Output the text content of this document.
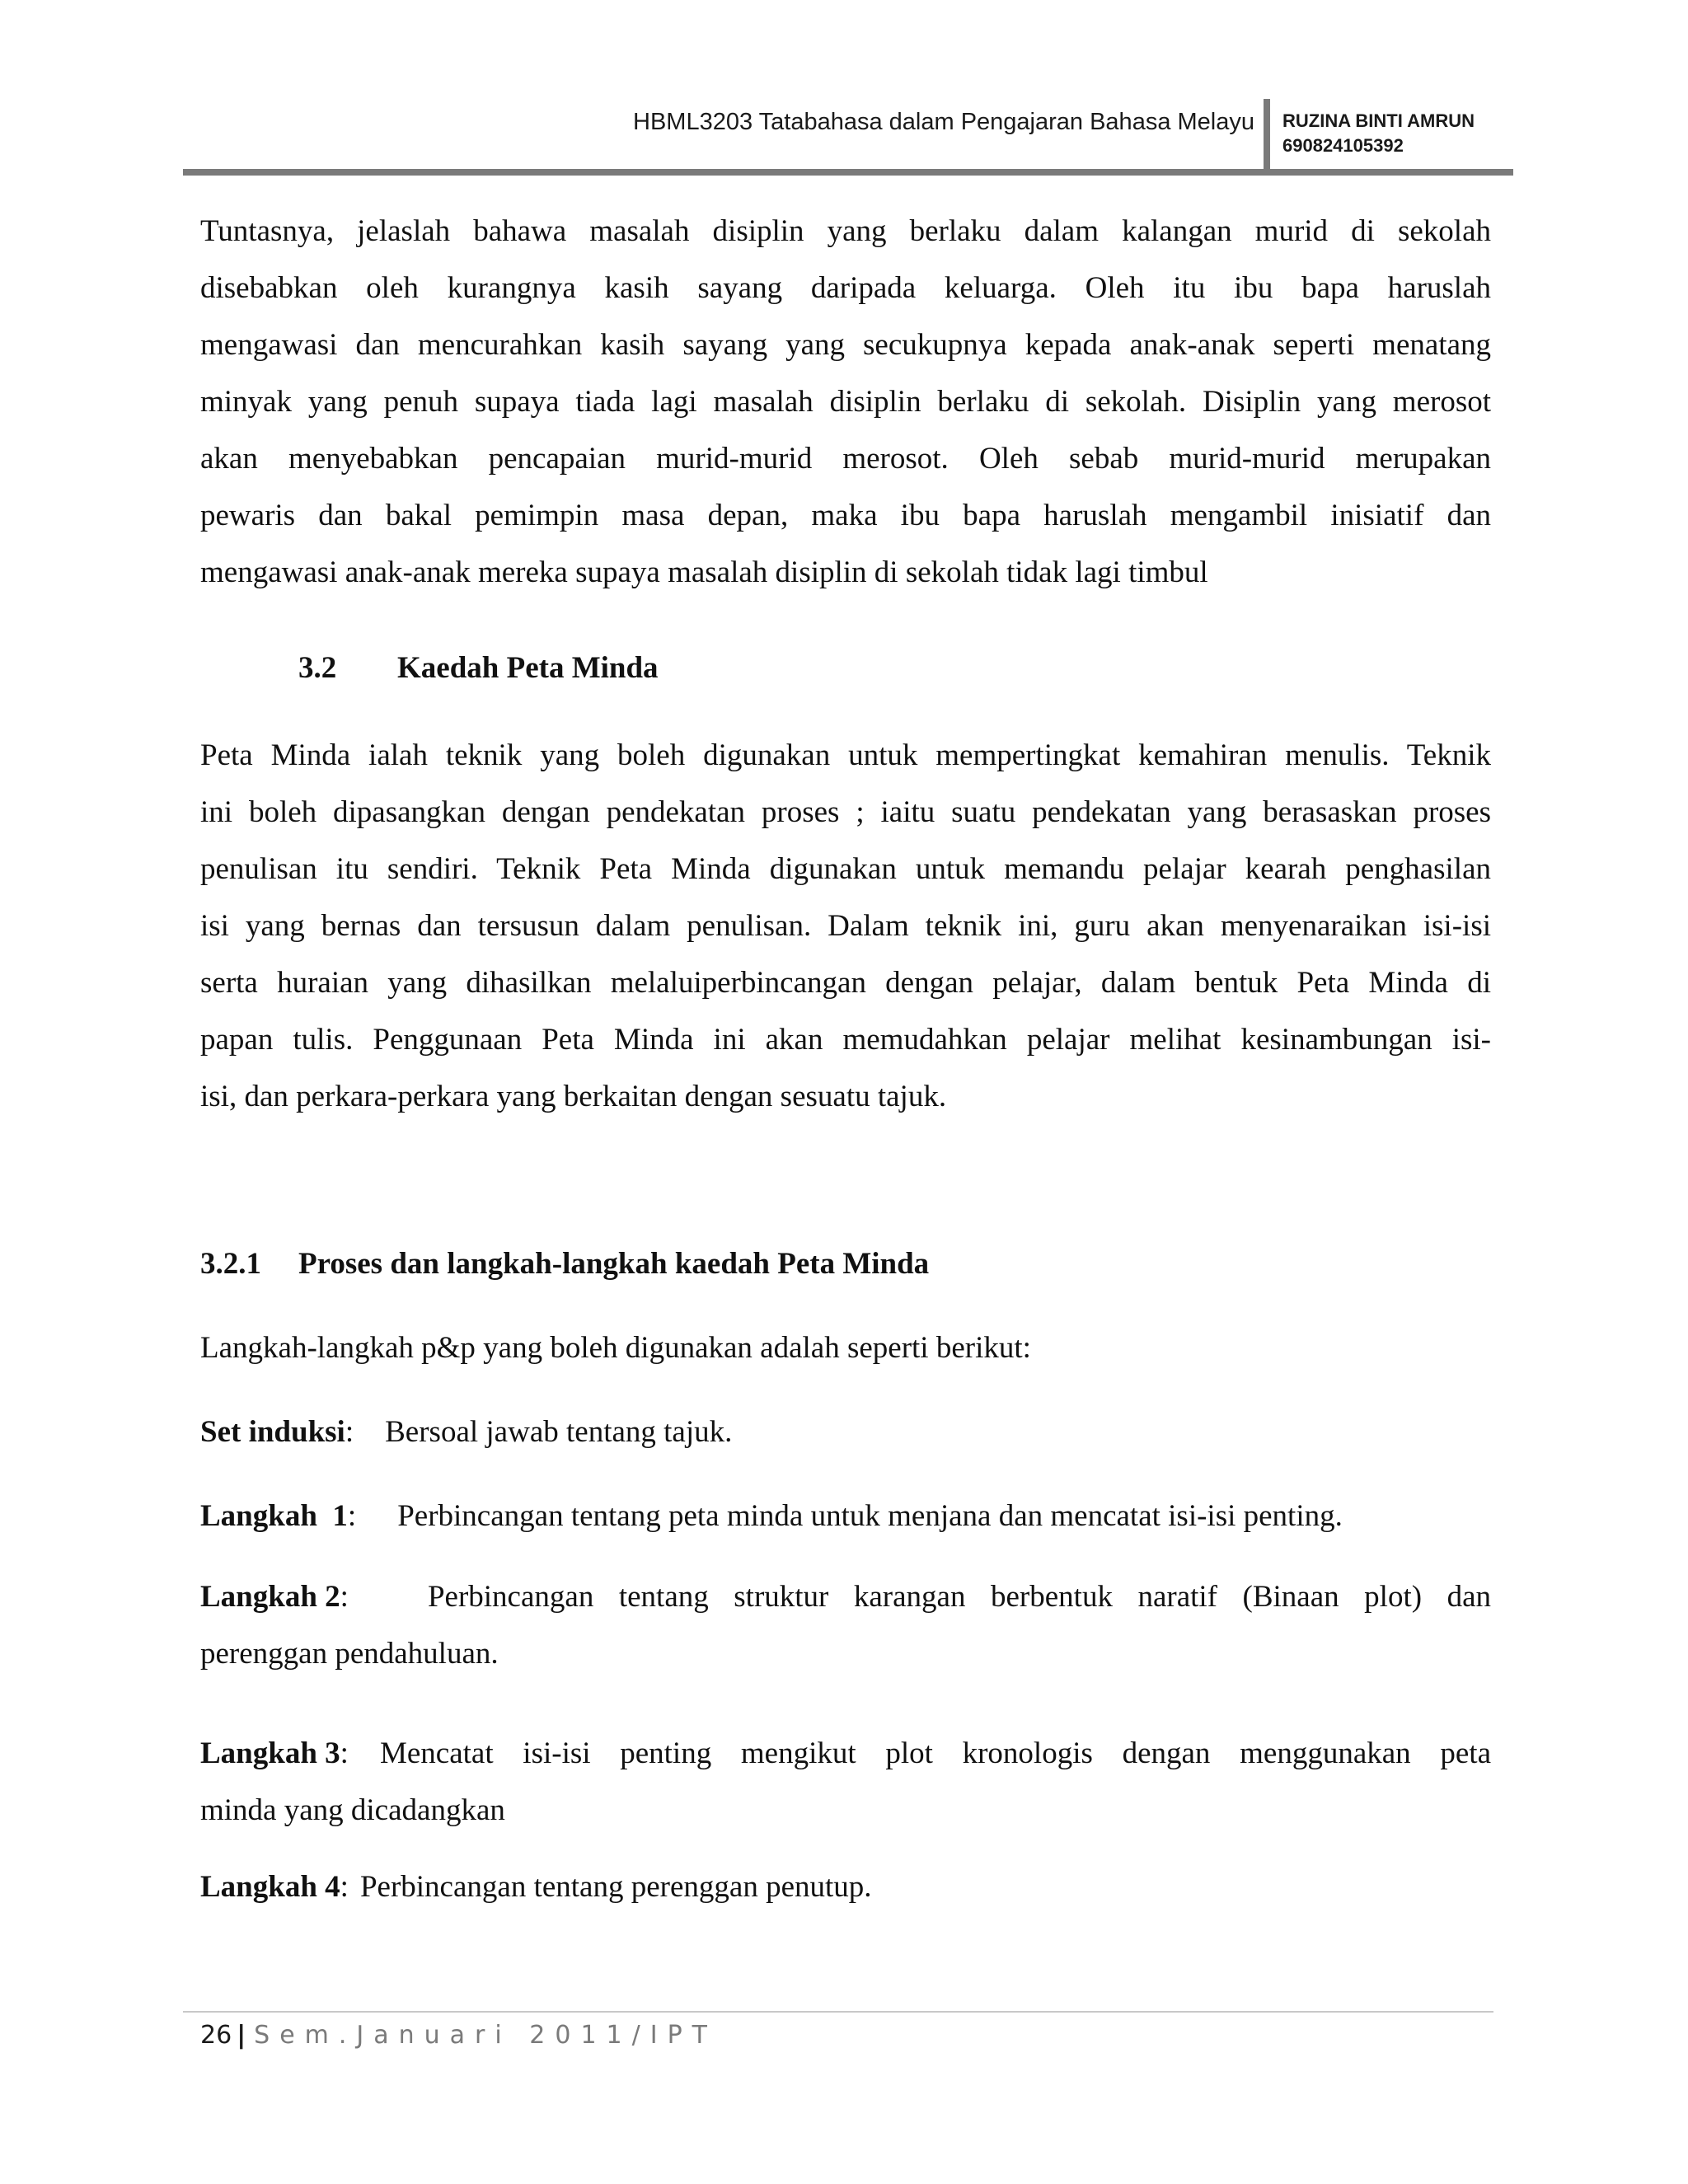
HBML3203 Tatabahasa dalam Pengajaran Bahasa Melayu RUZINA BINTI AMRUN
690824105392
Tuntasnya, jelaslah bahawa masalah disiplin yang berlaku dalam kalangan murid di sekolah
disebabkan oleh kurangnya kasih sayang daripada keluarga. Oleh itu ibu bapa haruslah
mengawasi dan mencurahkan kasih sayang yang secukupnya kepada anak-anak seperti menatang
minyak yang penuh supaya tiada lagi masalah disiplin berlaku di sekolah. Disiplin yang merosot
akan menyebabkan pencapaian murid-murid merosot. Oleh sebab murid-murid merupakan
pewaris dan bakal pemimpin masa depan, maka ibu bapa haruslah mengambil inisiatif dan
mengawasi anak-anak mereka supaya masalah disiplin di sekolah tidak lagi timbul
3.2 Kaedah Peta Minda
Peta Minda ialah teknik yang boleh digunakan untuk mempertingkat kemahiran menulis. Teknik
ini boleh dipasangkan dengan pendekatan proses ; iaitu suatu pendekatan yang berasaskan proses
penulisan itu sendiri. Teknik Peta Minda digunakan untuk memandu pelajar kearah penghasilan
isi yang bernas dan tersusun dalam penulisan. Dalam teknik ini, guru akan menyenaraikan isi-isi
serta huraian yang dihasilkan melaluiperbincangan dengan pelajar, dalam bentuk Peta Minda di
papan tulis. Penggunaan Peta Minda ini akan memudahkan pelajar melihat kesinambungan isi-
isi, dan perkara-perkara yang berkaitan dengan sesuatu tajuk.
3.2.1 Proses dan langkah-langkah kaedah Peta Minda
Langkah-langkah p&p yang boleh digunakan adalah seperti berikut:
Set induksi: Bersoal jawab tentang tajuk.
Langkah  1: Perbincangan tentang peta minda untuk menjana dan mencatat isi-isi penting.
Langkah 2:	Perbincangan tentang struktur karangan berbentuk naratif (Binaan plot) dan
perenggan pendahuluan.
Langkah 3: Mencatat isi-isi penting mengikut plot kronologis dengan menggunakan peta
minda yang dicadangkan
Langkah 4: Perbincangan tentang perenggan penutup.
26 | Sem.Januari 2011/IPT
